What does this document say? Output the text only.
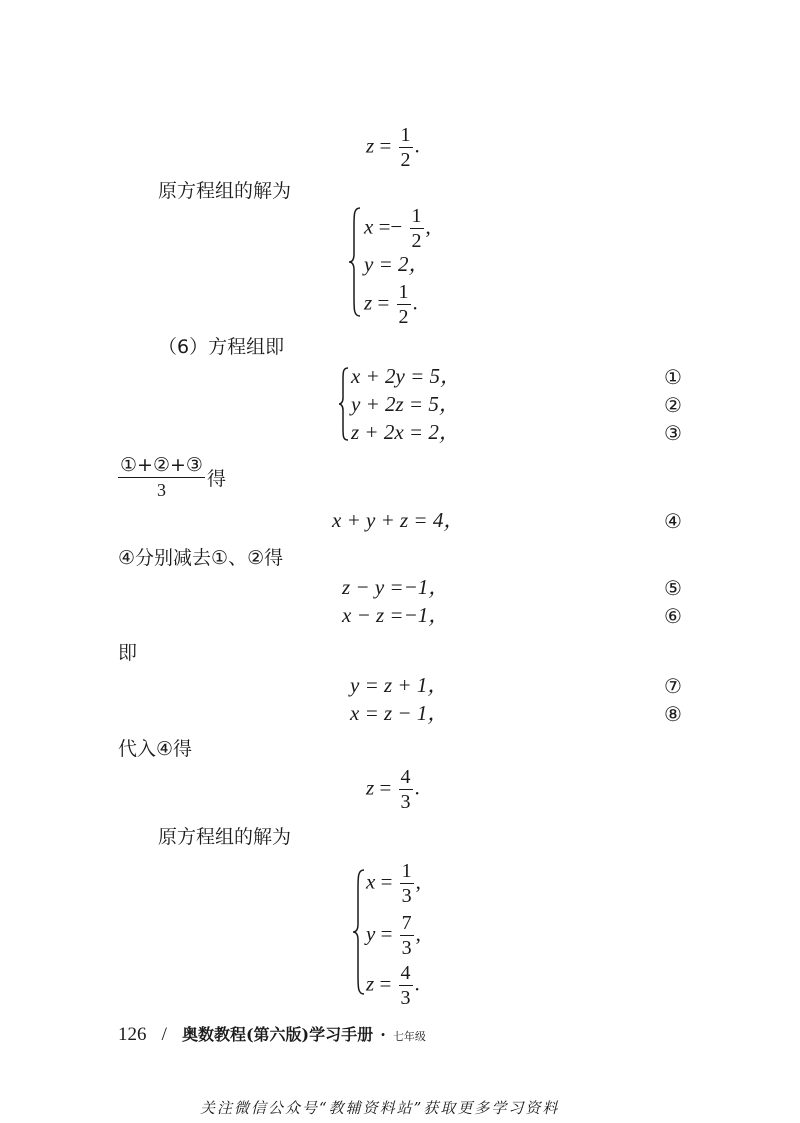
$z = \frac{1}{2}$ .
原方程组的解为
$x =- \frac{1}{2}$ ,
y = 2，
$z = \frac{1}{2}$ .
（6）方程组即
x + 2y = 5，	①
y + 2z = 5，	②
z + 2x = 2，	③
①+②+③
3	得
x + y + z = 4，	④
④分别减去①、②得
z − y =−1，	⑤
x − z =−1，	⑥
即
y = z + 1，	⑦
x = z − 1，	⑧
代入④得
$z = \frac{4}{3}$ .
原方程组的解为
$x = \frac{1}{3}$ ,
$y = \frac{7}{3}$ ,
$z = \frac{4}{3}$ .
126 / 奥数教程(第六版)学习手册 · 七年级
关注微信公众号“教辅资料站”获取更多学习资料
